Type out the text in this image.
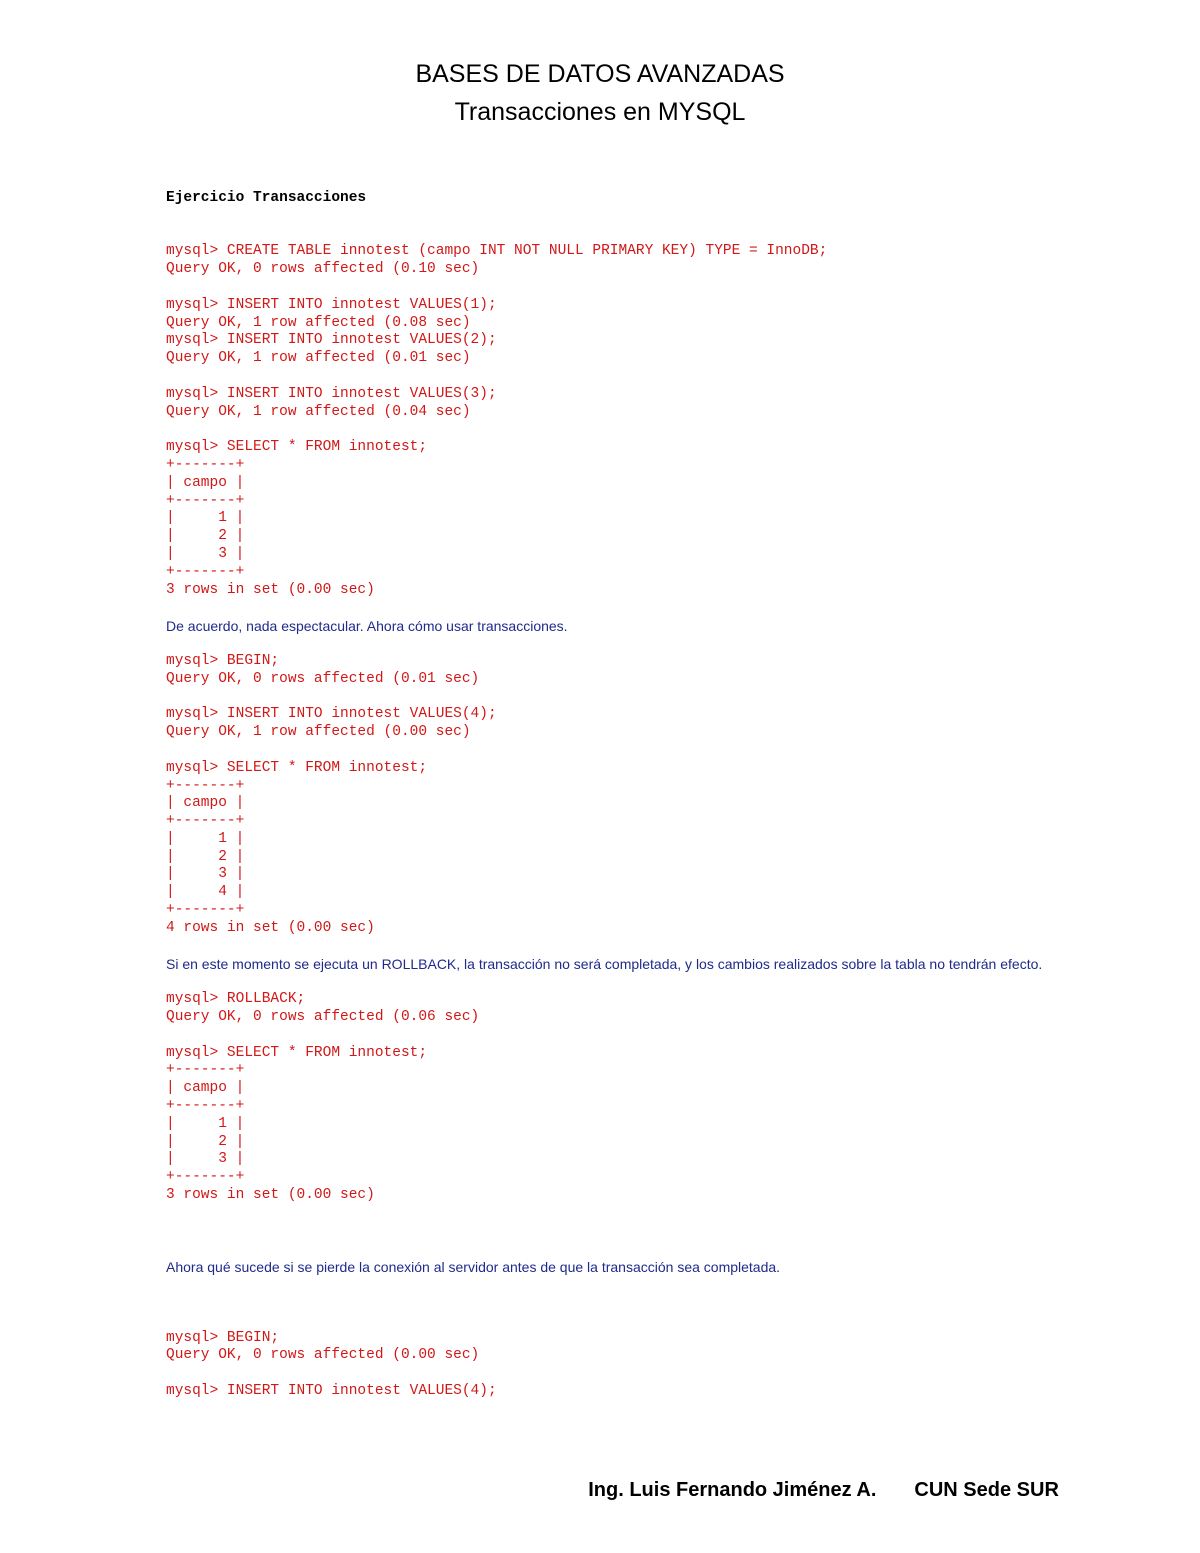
BASES DE DATOS AVANZADAS
Transacciones en MYSQL
Ejercicio Transacciones
mysql> CREATE TABLE innotest (campo INT NOT NULL PRIMARY KEY) TYPE = InnoDB;
Query OK, 0 rows affected (0.10 sec)
mysql> INSERT INTO innotest VALUES(1);
Query OK, 1 row affected (0.08 sec)
mysql> INSERT INTO innotest VALUES(2);
Query OK, 1 row affected (0.01 sec)
mysql> INSERT INTO innotest VALUES(3);
Query OK, 1 row affected (0.04 sec)
mysql> SELECT * FROM innotest;
+-------+
| campo |
+-------+
|     1 |
|     2 |
|     3 |
+-------+
3 rows in set (0.00 sec)
De acuerdo, nada espectacular. Ahora cómo usar transacciones.
mysql> BEGIN;
Query OK, 0 rows affected (0.01 sec)
mysql> INSERT INTO innotest VALUES(4);
Query OK, 1 row affected (0.00 sec)
mysql> SELECT * FROM innotest;
+-------+
| campo |
+-------+
|     1 |
|     2 |
|     3 |
|     4 |
+-------+
4 rows in set (0.00 sec)
Si en este momento se ejecuta un ROLLBACK, la transacción no será completada, y los cambios realizados sobre la tabla no tendrán efecto.
mysql> ROLLBACK;
Query OK, 0 rows affected (0.06 sec)
mysql> SELECT * FROM innotest;
+-------+
| campo |
+-------+
|     1 |
|     2 |
|     3 |
+-------+
3 rows in set (0.00 sec)
Ahora qué sucede si se pierde la conexión al servidor antes de que la transacción sea completada.
mysql> BEGIN;
Query OK, 0 rows affected (0.00 sec)
mysql> INSERT INTO innotest VALUES(4);

Ing. Luis Fernando Jiménez A. CUN Sede SUR
